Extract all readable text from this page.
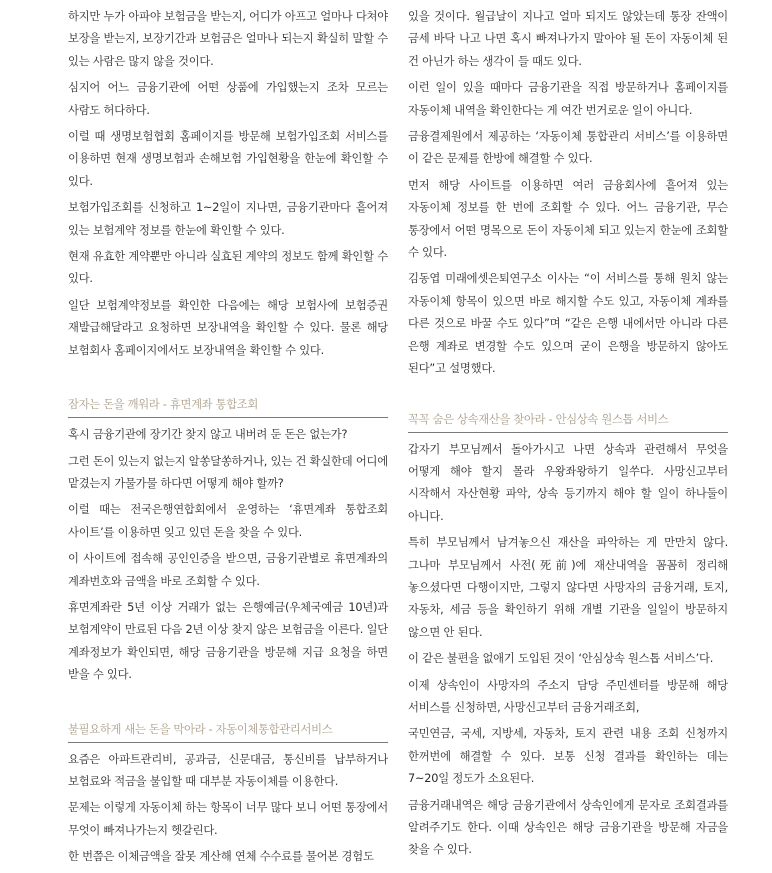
하지만 누가 아파야 보험금을 받는지, 어디가 아프고 얼마나 다쳐야 보장을 받는지, 보장기간과 보험금은 얼마나 되는지 확실히 말할 수 있는 사람은 많지 않을 것이다.

심지어 어느 금융기관에 어떤 상품에 가입했는지 조차 모르는 사람도 허다하다.

이럴 때 생명보험협회 홈페이지를 방문해 보험가입조회 서비스를 이용하면 현재 생명보험과 손해보험 가입현황을 한눈에 확인할 수 있다.

보험가입조회를 신청하고 1~2일이 지나면, 금융기관마다 흩어져 있는 보험계약 정보를 한눈에 확인할 수 있다.

현재 유효한 계약뿐만 아니라 실효된 계약의 정보도 함께 확인할 수 있다.

일단 보험계약정보를 확인한 다음에는 해당 보험사에 보험증권 재발급해달라고 요청하면 보장내역을 확인할 수 있다. 물론 해당 보험회사 홈페이지에서도 보장내역을 확인할 수 있다.

잠자는 돈을 깨워라 - 휴면계좌 통합조회

혹시 금융기관에 장기간 찾지 않고 내버려 둔 돈은 없는가?

그런 돈이 있는지 없는지 알쏭달쏭하거나, 있는 건 확실한데 어디에 맡겼는지 가물가물 하다면 어떻게 해야 할까?

이럴 때는 전국은행연합회에서 운영하는 ‘휴면계좌 통합조회 사이트’를 이용하면 잊고 있던 돈을 찾을 수 있다.

이 사이트에 접속해 공인인증을 받으면, 금융기관별로 휴면계좌의 계좌번호와 금액을 바로 조회할 수 있다.

휴면계좌란 5년 이상 거래가 없는 은행예금(우체국예금 10년)과 보험계약이 만료된 다음 2년 이상 찾지 않은 보험금을 이른다. 일단 계좌정보가 확인되면, 해당 금융기관을 방문해 지급 요청을 하면 받을 수 있다.

불필요하게 새는 돈을 막아라 - 자동이체통합관리서비스

요즘은 아파트관리비, 공과금, 신문대금, 통신비를 납부하거나 보험료와 적금을 불입할 때 대부분 자동이체를 이용한다.

문제는 이렇게 자동이체 하는 항목이 너무 많다 보니 어떤 통장에서 무엇이 빠져나가는지 헷갈린다.

한 번쯤은 이체금액을 잘못 계산해 연체 수수료를 물어본 경험도

있을 것이다. 월급날이 지나고 얼마 되지도 않았는데 통장 잔액이 금세 바닥 나고 나면 혹시 빠져나가지 말아야 될 돈이 자동이체 된 건 아닌가 하는 생각이 들 때도 있다.

이런 일이 있을 때마다 금융기관을 직접 방문하거나 홈페이지를 자동이체 내역을 확인한다는 게 여간 번거로운 일이 아니다.

금융결제원에서 제공하는 ‘자동이체 통합관리 서비스’를 이용하면 이 같은 문제를 한방에 해결할 수 있다.

먼저 해당 사이트를 이용하면 여러 금융회사에 흩어져 있는 자동이체 정보를 한 번에 조회할 수 있다. 어느 금융기관, 무슨 통장에서 어떤 명목으로 돈이 자동이체 되고 있는지 한눈에 조회할 수 있다.

김동엽 미래에셋은퇴연구소 이사는 “이 서비스를 통해 원치 않는 자동이체 항목이 있으면 바로 해지할 수도 있고, 자동이체 계좌를 다른 것으로 바꿀 수도 있다”며 “같은 은행 내에서만 아니라 다른 은행 계좌로 변경할 수도 있으며 굳이 은행을 방문하지 않아도 된다”고 설명했다.

꼭꼭 숨은 상속재산을 찾아라 - 안심상속 원스톱 서비스

갑자기 부모님께서 돌아가시고 나면 상속과 관련해서 무엇을 어떻게 해야 할지 몰라 우왕좌왕하기 일쑤다. 사망신고부터 시작해서 자산현황 파악, 상속 등기까지 해야 할 일이 하나둘이 아니다.

특히 부모님께서 남겨놓으신 재산을 파악하는 게 만만치 않다. 그나마 부모님께서 사전(死前)에 재산내역을 꼼꼼히 정리해 놓으셨다면 다행이지만, 그렇지 않다면 사망자의 금융거래, 토지, 자동차, 세금 등을 확인하기 위해 개별 기관을 일일이 방문하지 않으면 안 된다.

이 같은 불편을 없애기 도입된 것이 ‘안심상속 원스톱 서비스’다.

이제 상속인이 사망자의 주소지 담당 주민센터를 방문해 해당 서비스를 신청하면, 사망신고부터 금융거래조회,

국민연금, 국세, 지방세, 자동차, 토지 관련 내용 조회 신청까지 한꺼번에 해결할 수 있다. 보통 신청 결과를 확인하는 데는 7~20일 정도가 소요된다.

금융거래내역은 해당 금융기관에서 상속인에게 문자로 조회결과를 알려주기도 한다. 이때 상속인은 해당 금융기관을 방문해 자금을 찾을 수 있다.
